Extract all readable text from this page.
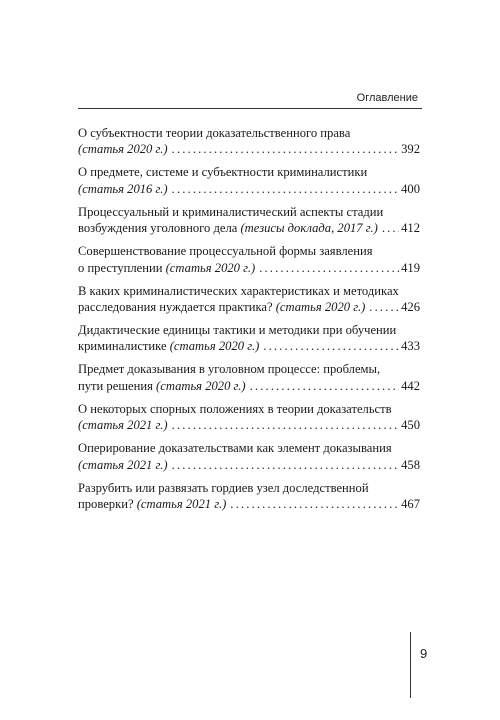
Оглавление
О субъектности теории доказательственного права
(статья 2020 г.) . . .	392
О предмете, системе и субъектности криминалистики
(статья 2016 г.) . . .	400
Процессуальный и криминалистический аспекты стадии
возбуждения уголовного дела
(тезисы доклада, 2017 г.) . . . 412
Совершенствование процессуальной формы заявления
о преступлении
(статья 2020 г.) . . .	419
В каких криминалистических характеристиках и методиках
расследования нуждается практика?
(статья 2020 г.) . . .	426
Дидактические единицы тактики и методики при обучении
криминалистике
(статья 2020 г.) . . .	433
Предмет доказывания в уголовном процессе: проблемы,
пути решения
(статья 2020 г.) . . .	442
О некоторых спорных положениях в теории доказательств
(статья 2021 г.) . . .	450
Оперирование доказательствами как элемент доказывания
(статья 2021 г.) . . .	458
Разрубить или развязать гордиев узел доследственной
проверки?
(статья 2021 г.) . . .	467
9
